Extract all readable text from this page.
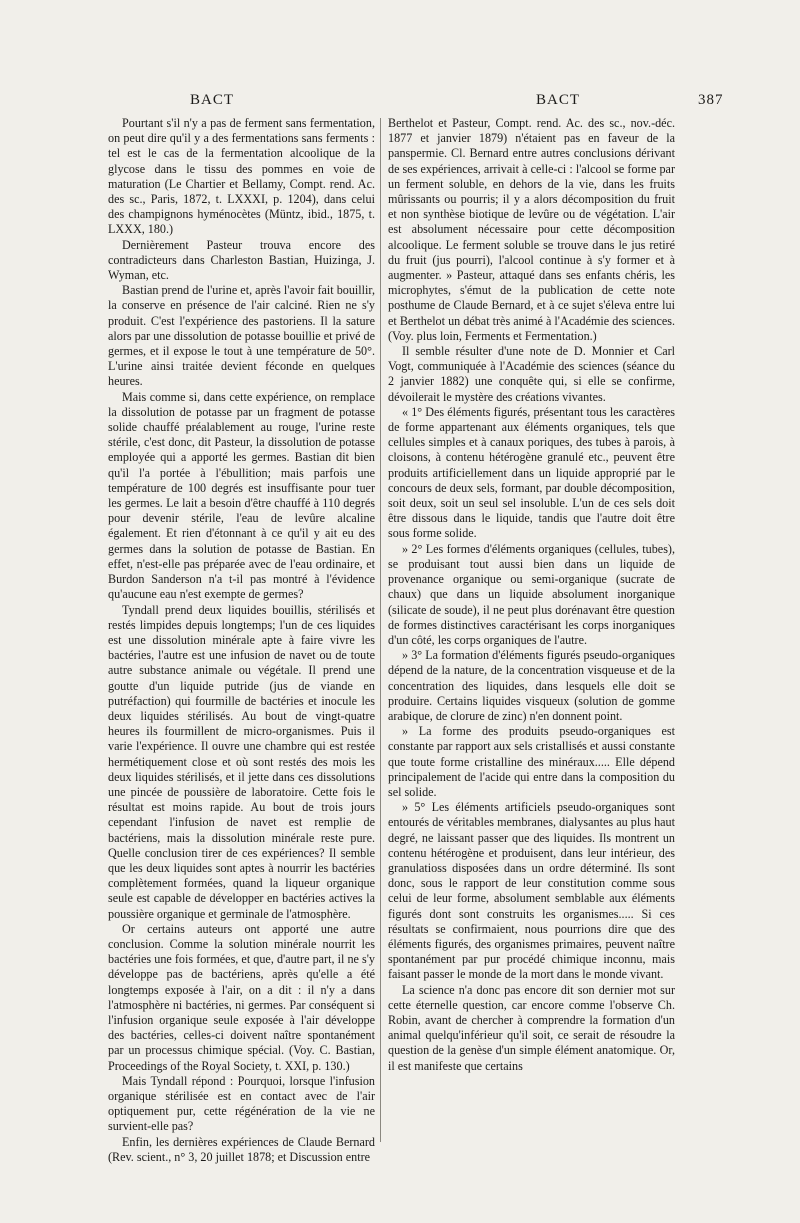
BACT	BACT	387

Pourtant s'il n'y a pas de ferment sans fermentation, on peut dire qu'il y a des fermentations sans ferments : tel est le cas de la fermentation alcoolique de la glycose dans le tissu des pommes en voie de maturation (Le Chartier et Bellamy, Compt. rend. Ac. des sc., Paris, 1872, t. LXXXI, p. 1204), dans celui des champignons hyménocètes (Müntz, ibid., 1875, t. LXXX, 180.)

Dernièrement Pasteur trouva encore des contradicteurs dans Charleston Bastian, Huizinga, J. Wyman, etc.

Bastian prend de l'urine et, après l'avoir fait bouillir, la conserve en présence de l'air calciné. Rien ne s'y produit. C'est l'expérience des pastoriens. Il la sature alors par une dissolution de potasse bouillie et privé de germes, et il expose le tout à une température de 50°. L'urine ainsi traitée devient féconde en quelques heures.

Mais comme si, dans cette expérience, on remplace la dissolution de potasse par un fragment de potasse solide chauffé préalablement au rouge, l'urine reste stérile, c'est donc, dit Pasteur, la dissolution de potasse employée qui a apporté les germes. Bastian dit bien qu'il l'a portée à l'ébullition; mais parfois une température de 100 degrés est insuffisante pour tuer les germes. Le lait a besoin d'être chauffé à 110 degrés pour devenir stérile, l'eau de levûre alcaline également. Et rien d'étonnant à ce qu'il y ait eu des germes dans la solution de potasse de Bastian. En effet, n'est-elle pas préparée avec de l'eau ordinaire, et Burdon Sanderson n'a t-il pas montré à l'évidence qu'aucune eau n'est exempte de germes?

Tyndall prend deux liquides bouillis, stérilisés et restés limpides depuis longtemps; l'un de ces liquides est une dissolution minérale apte à faire vivre les bactéries, l'autre est une infusion de navet ou de toute autre substance animale ou végétale. Il prend une goutte d'un liquide putride (jus de viande en putréfaction) qui fourmille de bactéries et inocule les deux liquides stérilisés. Au bout de vingt-quatre heures ils fourmillent de micro-organismes. Puis il varie l'expérience. Il ouvre une chambre qui est restée hermétiquement close et où sont restés des mois les deux liquides stérilisés, et il jette dans ces dissolutions une pincée de poussière de laboratoire. Cette fois le résultat est moins rapide. Au bout de trois jours cependant l'infusion de navet est remplie de bactériens, mais la dissolution minérale reste pure. Quelle conclusion tirer de ces expériences? Il semble que les deux liquides sont aptes à nourrir les bactéries complètement formées, quand la liqueur organique seule est capable de développer en bactéries actives la poussière organique et germinale de l'atmosphère.

Or certains auteurs ont apporté une autre conclusion. Comme la solution minérale nourrit les bactéries une fois formées, et que, d'autre part, il ne s'y développe pas de bactériens, après qu'elle a été longtemps exposée à l'air, on a dit : il n'y a dans l'atmosphère ni bactéries, ni germes. Par conséquent si l'infusion organique seule exposée à l'air développe des bactéries, celles-ci doivent naître spontanément par un processus chimique spécial. (Voy. C. Bastian, Proceedings of the Royal Society, t. XXI, p. 130.)

Mais Tyndall répond : Pourquoi, lorsque l'infusion organique stérilisée est en contact avec de l'air optiquement pur, cette régénération de la vie ne survient-elle pas?

Enfin, les dernières expériences de Claude Bernard (Rev. scient., n° 3, 20 juillet 1878; et Discussion entre

Berthelot et Pasteur, Compt. rend. Ac. des sc., nov.-déc. 1877 et janvier 1879) n'étaient pas en faveur de la panspermie. Cl. Bernard entre autres conclusions dérivant de ses expériences, arrivait à celle-ci : l'alcool se forme par un ferment soluble, en dehors de la vie, dans les fruits mûrissants ou pourris; il y a alors décomposition du fruit et non synthèse biotique de levûre ou de végétation. L'air est absolument nécessaire pour cette décomposition alcoolique. Le ferment soluble se trouve dans le jus retiré du fruit (jus pourri), l'alcool continue à s'y former et à augmenter. » Pasteur, attaqué dans ses enfants chéris, les microphytes, s'émut de la publication de cette note posthume de Claude Bernard, et à ce sujet s'éleva entre lui et Berthelot un débat très animé à l'Académie des sciences. (Voy. plus loin, Ferments et Fermentation.)

Il semble résulter d'une note de D. Monnier et Carl Vogt, communiquée à l'Académie des sciences (séance du 2 janvier 1882) une conquête qui, si elle se confirme, dévoilerait le mystère des créations vivantes.

« 1° Des éléments figurés, présentant tous les caractères de forme appartenant aux éléments organiques, tels que cellules simples et à canaux poriques, des tubes à parois, à cloisons, à contenu hétérogène granulé etc., peuvent être produits artificiellement dans un liquide approprié par le concours de deux sels, formant, par double décomposition, soit deux, soit un seul sel insoluble. L'un de ces sels doit être dissous dans le liquide, tandis que l'autre doit être sous forme solide.

» 2° Les formes d'éléments organiques (cellules, tubes), se produisant tout aussi bien dans un liquide de provenance organique ou semi-organique (sucrate de chaux) que dans un liquide absolument inorganique (silicate de soude), il ne peut plus dorénavant être question de formes distinctives caractérisant les corps inorganiques d'un côté, les corps organiques de l'autre.

» 3° La formation d'éléments figurés pseudo-organiques dépend de la nature, de la concentration visqueuse et de la concentration des liquides, dans lesquels elle doit se produire. Certains liquides visqueux (solution de gomme arabique, de clorure de zinc) n'en donnent point.

» La forme des produits pseudo-organiques est constante par rapport aux sels cristallisés et aussi constante que toute forme cristalline des minéraux..... Elle dépend principalement de l'acide qui entre dans la composition du sel solide.

» 5° Les éléments artificiels pseudo-organiques sont entourés de véritables membranes, dialysantes au plus haut degré, ne laissant passer que des liquides. Ils montrent un contenu hétérogène et produisent, dans leur intérieur, des granulatioss disposées dans un ordre déterminé. Ils sont donc, sous le rapport de leur constitution comme sous celui de leur forme, absolument semblable aux éléments figurés dont sont construits les organismes..... Si ces résultats se confirmaient, nous pourrions dire que des éléments figurés, des organismes primaires, peuvent naître spontanément par pur procédé chimique inconnu, mais faisant passer le monde de la mort dans le monde vivant.

La science n'a donc pas encore dit son dernier mot sur cette éternelle question, car encore comme l'observe Ch. Robin, avant de chercher à comprendre la formation d'un animal quelqu'inférieur qu'il soit, ce serait de résoudre la question de la genèse d'un simple élément anatomique. Or, il est manifeste que certains
